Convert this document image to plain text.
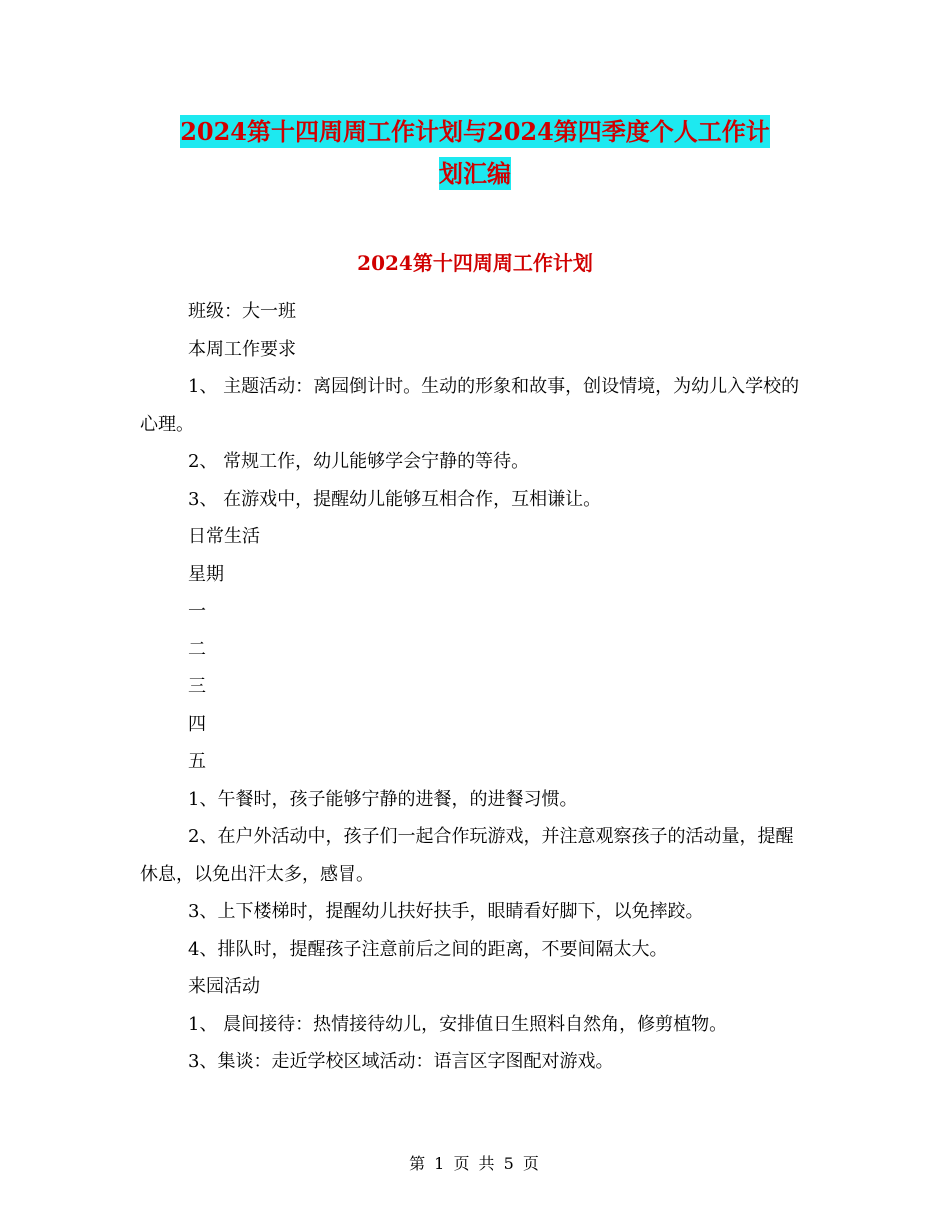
2024第十四周周工作计划与2024第四季度个人工作计
划汇编
2024第十四周周工作计划

班级：大一班

本周工作要求

1、 主题活动：离园倒计时。生动的形象和故事，创设情境，为幼儿入学校的心理。

2、 常规工作，幼儿能够学会宁静的等待。

3、 在游戏中，提醒幼儿能够互相合作，互相谦让。

日常生活

星期

一

二

三

四

五

1、午餐时，孩子能够宁静的进餐，的进餐习惯。

2、在户外活动中，孩子们一起合作玩游戏，并注意观察孩子的活动量，提醒休息，以免出汗太多，感冒。

3、上下楼梯时，提醒幼儿扶好扶手，眼睛看好脚下，以免摔跤。

4、排队时，提醒孩子注意前后之间的距离，不要间隔太大。

来园活动

1、 晨间接待：热情接待幼儿，安排值日生照料自然角，修剪植物。

3、集谈：走近学校区域活动：语言区字图配对游戏。

第 1 页 共 5 页
